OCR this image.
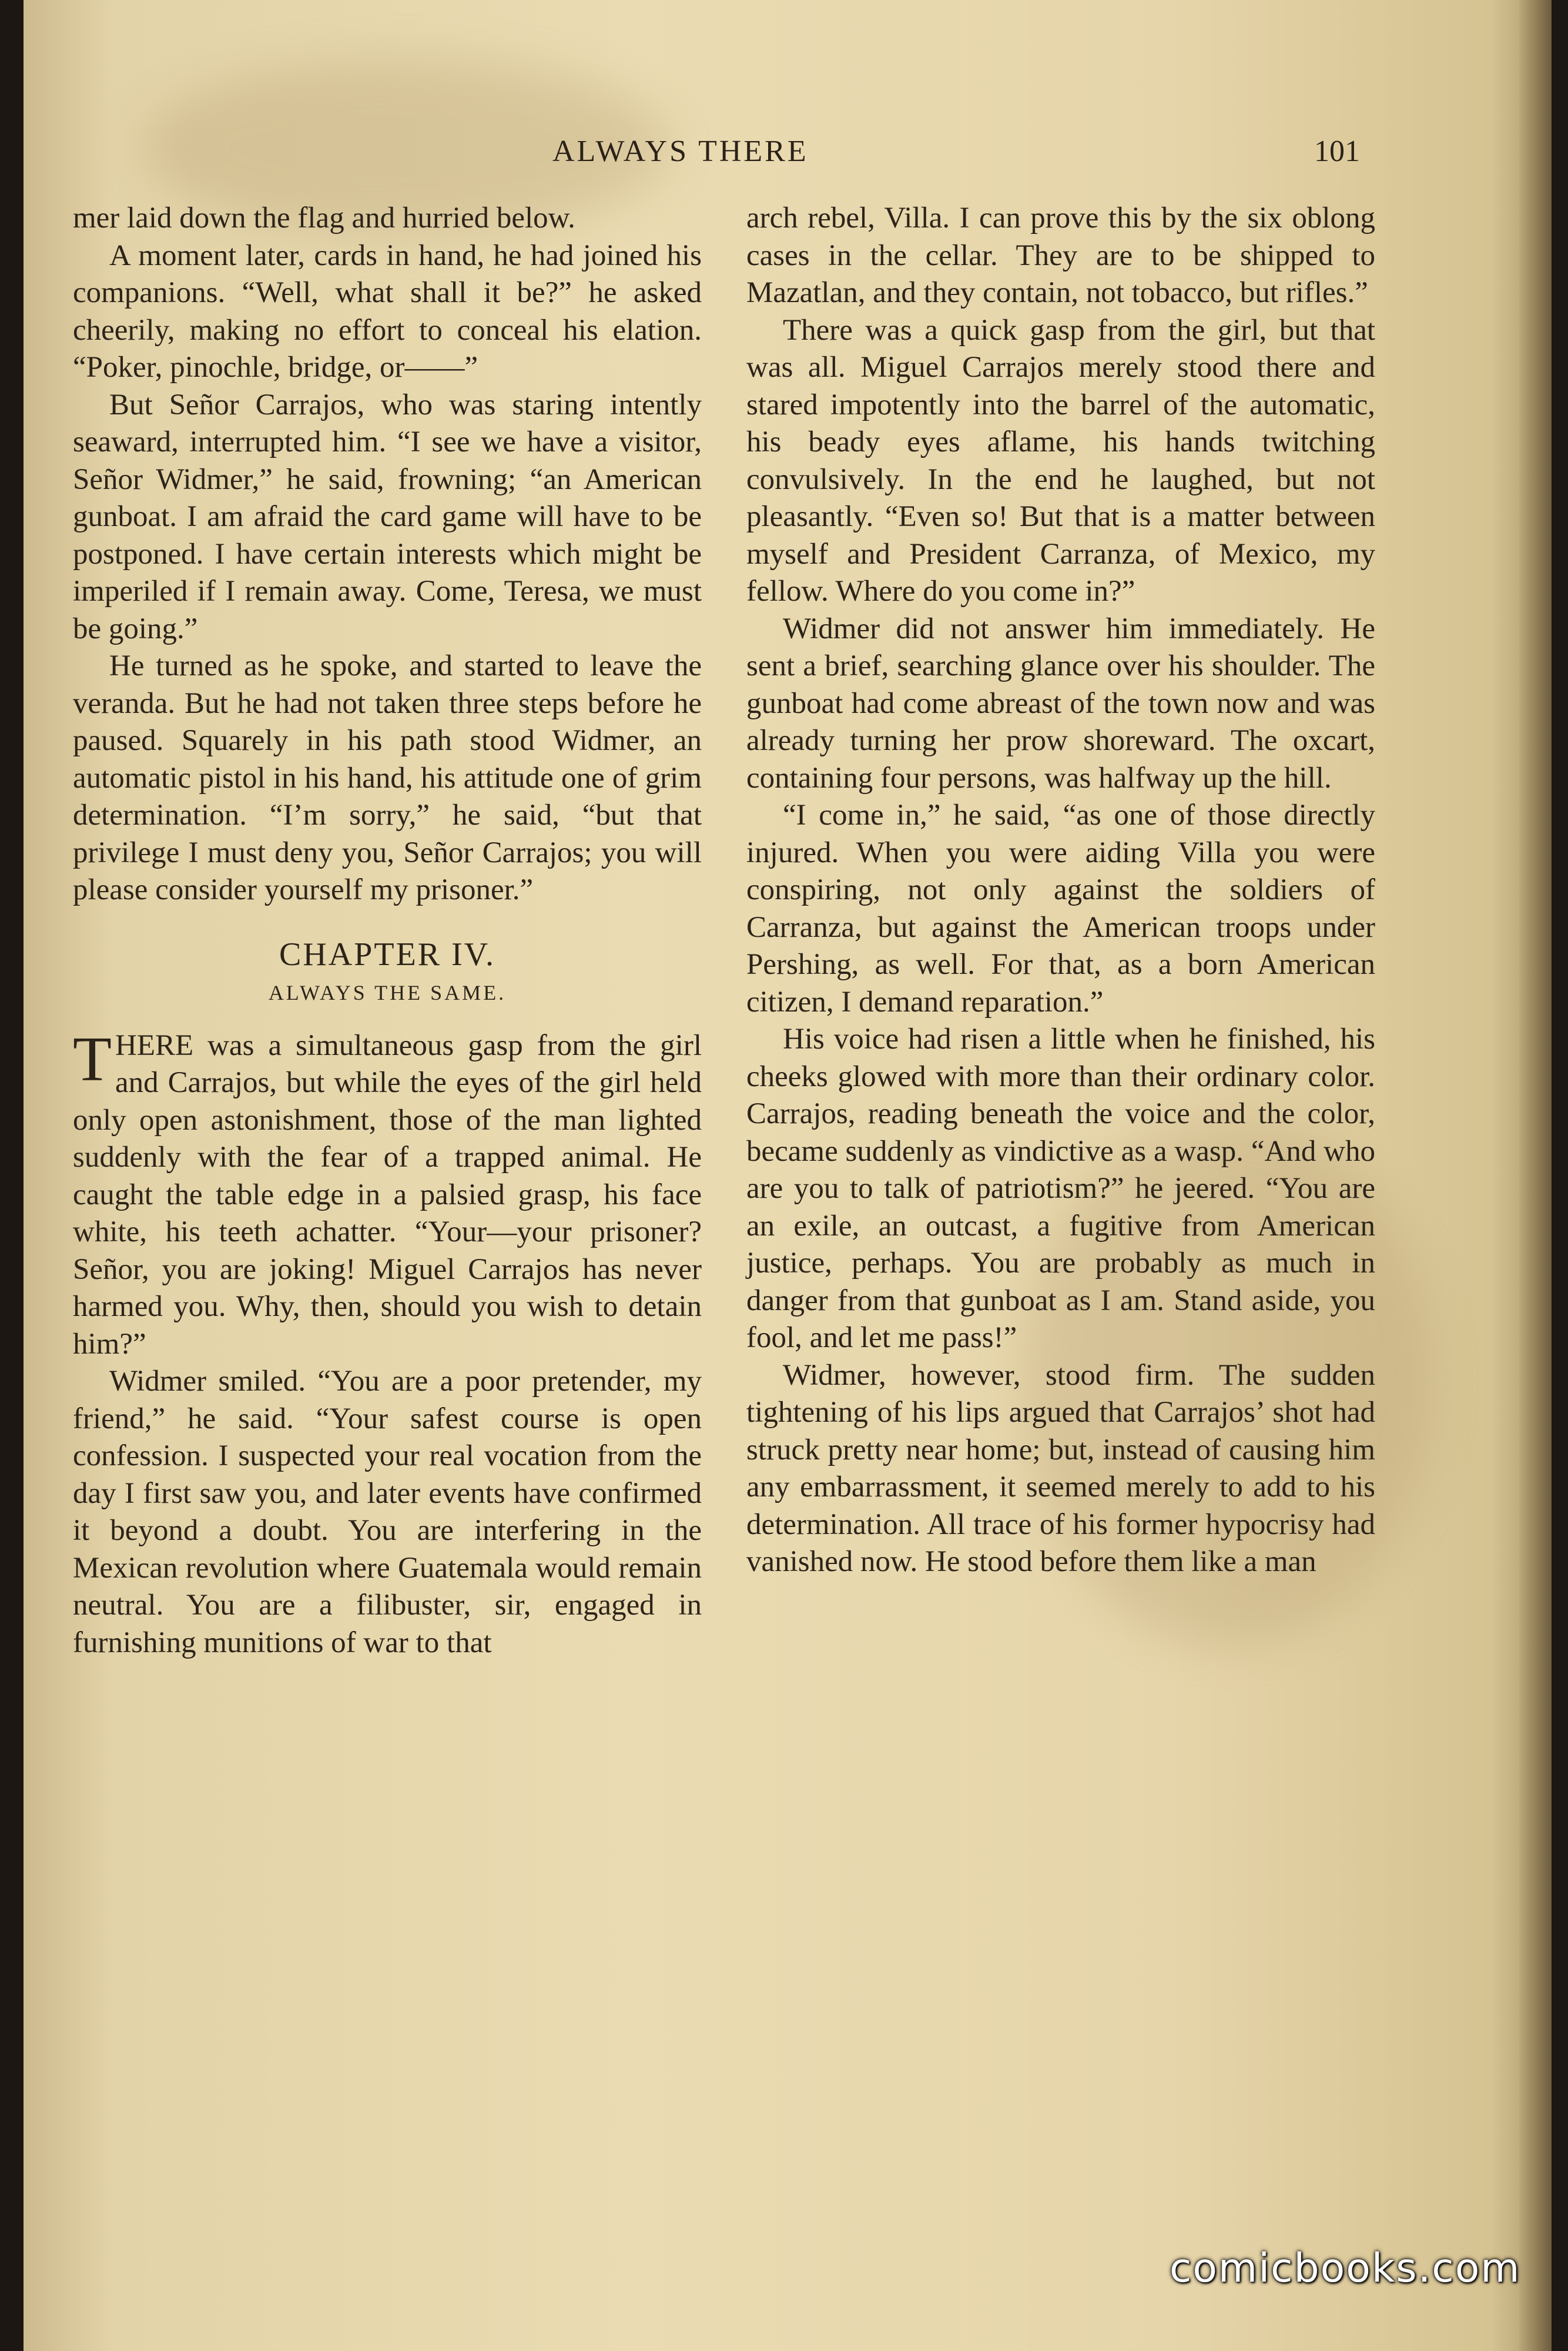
ALWAYS THERE	101

mer laid down the flag and hurried below.

A moment later, cards in hand, he had joined his companions. “Well, what shall it be?” he asked cheerily, making no effort to conceal his elation. “Poker, pinochle, bridge, or——”

But Señor Carrajos, who was staring intently seaward, interrupted him. “I see we have a visitor, Señor Widmer,” he said, frowning; “an American gunboat. I am afraid the card game will have to be postponed. I have certain interests which might be imperiled if I remain away. Come, Teresa, we must be going.”

He turned as he spoke, and started to leave the veranda. But he had not taken three steps before he paused. Squarely in his path stood Widmer, an automatic pistol in his hand, his attitude one of grim determination. “I’m sorry,” he said, “but that privilege I must deny you, Señor Carrajos; you will please consider yourself my prisoner.”

CHAPTER IV.
ALWAYS THE SAME.

THERE was a simultaneous gasp from the girl and Carrajos, but while the eyes of the girl held only open astonishment, those of the man lighted suddenly with the fear of a trapped animal. He caught the table edge in a palsied grasp, his face white, his teeth achatter. “Your—your prisoner? Señor, you are joking! Miguel Carrajos has never harmed you. Why, then, should you wish to detain him?”

Widmer smiled. “You are a poor pretender, my friend,” he said. “Your safest course is open confession. I suspected your real vocation from the day I first saw you, and later events have confirmed it beyond a doubt. You are interfering in the Mexican revolution where Guatemala would remain neutral. You are a filibuster, sir, engaged in furnishing munitions of war to that

arch rebel, Villa. I can prove this by the six oblong cases in the cellar. They are to be shipped to Mazatlan, and they contain, not tobacco, but rifles.”

There was a quick gasp from the girl, but that was all. Miguel Carrajos merely stood there and stared impotently into the barrel of the automatic, his beady eyes aflame, his hands twitching convulsively. In the end he laughed, but not pleasantly. “Even so! But that is a matter between myself and President Carranza, of Mexico, my fellow. Where do you come in?”

Widmer did not answer him immediately. He sent a brief, searching glance over his shoulder. The gunboat had come abreast of the town now and was already turning her prow shoreward. The oxcart, containing four persons, was halfway up the hill.

“I come in,” he said, “as one of those directly injured. When you were aiding Villa you were conspiring, not only against the soldiers of Carranza, but against the American troops under Pershing, as well. For that, as a born American citizen, I demand reparation.”

His voice had risen a little when he finished, his cheeks glowed with more than their ordinary color. Carrajos, reading beneath the voice and the color, became suddenly as vindictive as a wasp. “And who are you to talk of patriotism?” he jeered. “You are an exile, an outcast, a fugitive from American justice, perhaps. You are probably as much in danger from that gunboat as I am. Stand aside, you fool, and let me pass!”

Widmer, however, stood firm. The sudden tightening of his lips argued that Carrajos’ shot had struck pretty near home; but, instead of causing him any embarrassment, it seemed merely to add to his determination. All trace of his former hypocrisy had vanished now. He stood before them like a man

comicbooks.com
